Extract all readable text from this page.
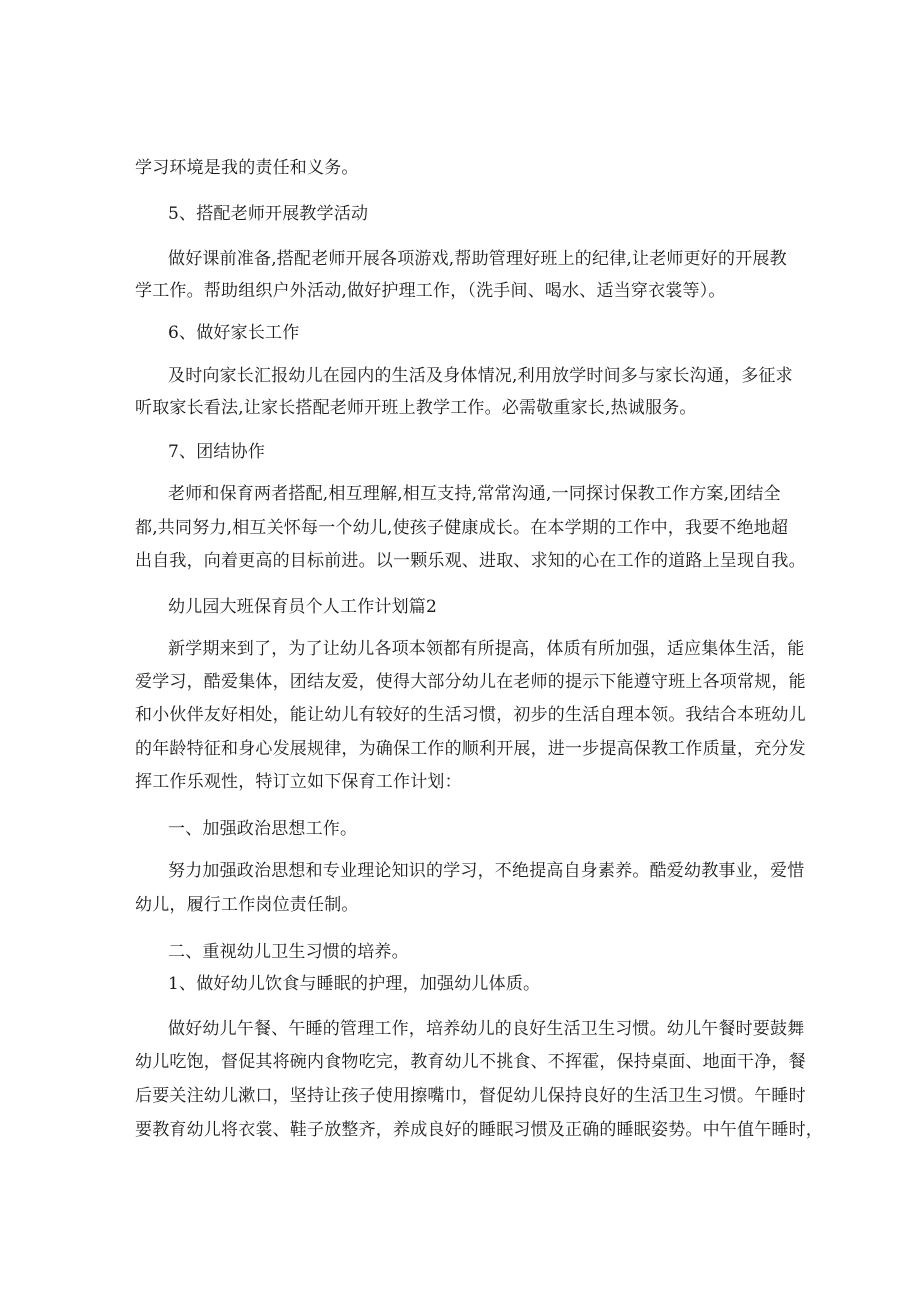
学习环境是我的责任和义务。
5、搭配老师开展教学活动
做好课前准备,搭配老师开展各项游戏,帮助管理好班上的纪律,让老师更好的开展教
学工作。帮助组织户外活动,做好护理工作，（洗手间、喝水、适当穿衣裳等）。
6、做好家长工作
及时向家长汇报幼儿在园内的生活及身体情况,利用放学时间多与家长沟通，多征求
听取家长看法,让家长搭配老师开班上教学工作。必需敬重家长,热诚服务。
7、团结协作
老师和保育两者搭配,相互理解,相互支持,常常沟通,一同探讨保教工作方案,团结全
都,共同努力,相互关怀每一个幼儿,使孩子健康成长。在本学期的工作中，我要不绝地超
出自我，向着更高的目标前进。以一颗乐观、进取、求知的心在工作的道路上呈现自我。
幼儿园大班保育员个人工作计划篇2
新学期来到了，为了让幼儿各项本领都有所提高，体质有所加强，适应集体生活，能
爱学习，酷爱集体，团结友爱，使得大部分幼儿在老师的提示下能遵守班上各项常规，能
和小伙伴友好相处，能让幼儿有较好的生活习惯，初步的生活自理本领。我结合本班幼儿
的年龄特征和身心发展规律，为确保工作的顺利开展，进一步提高保教工作质量，充分发
挥工作乐观性，特订立如下保育工作计划：
一、加强政治思想工作。
努力加强政治思想和专业理论知识的学习，不绝提高自身素养。酷爱幼教事业，爱惜
幼儿，履行工作岗位责任制。
二、重视幼儿卫生习惯的培养。
1、做好幼儿饮食与睡眠的护理，加强幼儿体质。
做好幼儿午餐、午睡的管理工作，培养幼儿的良好生活卫生习惯。幼儿午餐时要鼓舞
幼儿吃饱，督促其将碗内食物吃完，教育幼儿不挑食、不挥霍，保持桌面、地面干净，餐
后要关注幼儿漱口，坚持让孩子使用擦嘴巾，督促幼儿保持良好的生活卫生习惯。午睡时
要教育幼儿将衣裳、鞋子放整齐，养成良好的睡眠习惯及正确的睡眠姿势。中午值午睡时，
